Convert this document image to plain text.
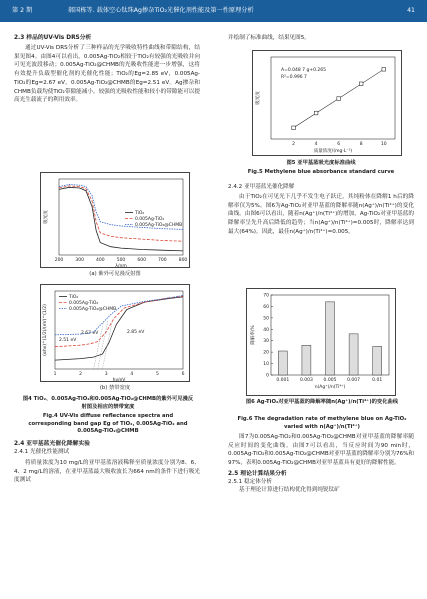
第 2 期	郝国栋等. 载体空心钛珠Ag掺杂TiO₂光催化剂性能及第一性原理分析	41
2.3 样品的UV-Vis DRS分析
通过UV-Vis DRS分析了三种样品的光学吸收特性曲线和带隙结构，结果见图4。由图4可以看出，0.005Ag-TiO₂相较于TiO₂有较强的光吸收并向可见光波段移动；0.005Ag-TiO₂@CHMB的光吸收性能进一步增强，这将有效提升负载型催化剂的光催化性能；TiO₂的Eg=2.85 eV，0.005Ag-TiO₂的Eg=2.67 eV，0.005Ag-TiO₂@CHMB的Eg=2.51 eV。Ag掺杂和CHMB负载均使TiO₂带隙能减小，较强的光吸收性能和较小的带隙能可以提高光生载流子的利用效率。
200	300	400	500	600	700	800
λ/nm
吸光度	TiO₂
0.005Ag-TiO₂
0.005Ag-TiO₂@CHMB
(a) 紫外可见漫反射图
1	2	3	4	5	6
hν/eV
(αhν)^(1/2)/(eV)^(1/2) 2.51 eV
2.67 eV	2.85 eV
TiO₂
0.005Ag-TiO₂
0.005Ag-TiO₂@CHMB
(b) 禁带宽度
图4 TiO₂、0.005Ag-TiO₂和0.005Ag-TiO₂@CHMB的紫外可见漫反射图及相应的禁带宽度
Fig.4 UV-Vis diffuse reflectance spectra and corresponding band gap Eg of TiO₂, 0.005Ag-TiO₂ and 0.005Ag-TiO₂@CHMB
2.4 亚甲基蓝光催化降解实验
2.4.1 光催化性能测试
将质量浓度为10 mg/L的亚甲基蓝溶液稀释至质量浓度分别为8、6、4、2 mg/L的溶液，在亚甲基蓝最大吸收波长为664 nm的条件下进行吸光度测试
并绘制了标准曲线，结果见图5。
2	4	6	8	10
质量浓度/(mg·L⁻¹)
吸光度
A=0.048 7 g+0.265
R²=0.996 7
图5 亚甲基蓝吸光度标准曲线
Fig.5 Methylene blue absorbance standard curve
2.4.2 亚甲基蓝光催化降解
由于TiO₂在可见光下几乎不发生电子跃迁，其纯粉体在降解1 h后的降解率仅为5%。图6为Ag-TiO₂对亚甲基蓝的降解率随n(Ag⁺)/n(Ti⁴⁺)的变化曲线。由图6可以看出，随着n(Ag⁺)/n(Ti⁴⁺)的增加，Ag-TiO₂对亚甲基蓝的降解率呈先升高后降低的趋势；当n(Ag⁺)/n(Ti⁴⁺)=0.005时，降解率达到最大(64%)。因此，最佳n(Ag⁺)/n(Ti⁴⁺)=0.005。
0
10
20
30
40
50
60
70
0.001 0.003 0.005 0.007	0.01
n(Ag⁺)/n(Ti⁴⁺)
降解率/%
图6 Ag-TiO₂对亚甲基蓝的降解率随n(Ag⁺)/n(Ti⁴⁺)的变化曲线
Fig.6 The degradation rate of methylene blue on Ag-TiO₂ varied with n(Ag⁺)/n(Ti⁴⁺)
图7为0.005Ag-TiO₂和0.005Ag-TiO₂@CHMB对亚甲基蓝的降解率随反应时间的变化曲线。由图7可以看出，当反应时间为90 min时，0.005Ag-TiO₂和0.005Ag-TiO₂@CHMB对亚甲基蓝的降解率分别为76%和97%，表明0.005Ag-TiO₂@CHMB对亚甲基蓝具有更好的降解性能。
2.5 理论计算结果分析
2.5.1 稳定体分析
基于理论计算进行结构优化得到纯锐钛矿
